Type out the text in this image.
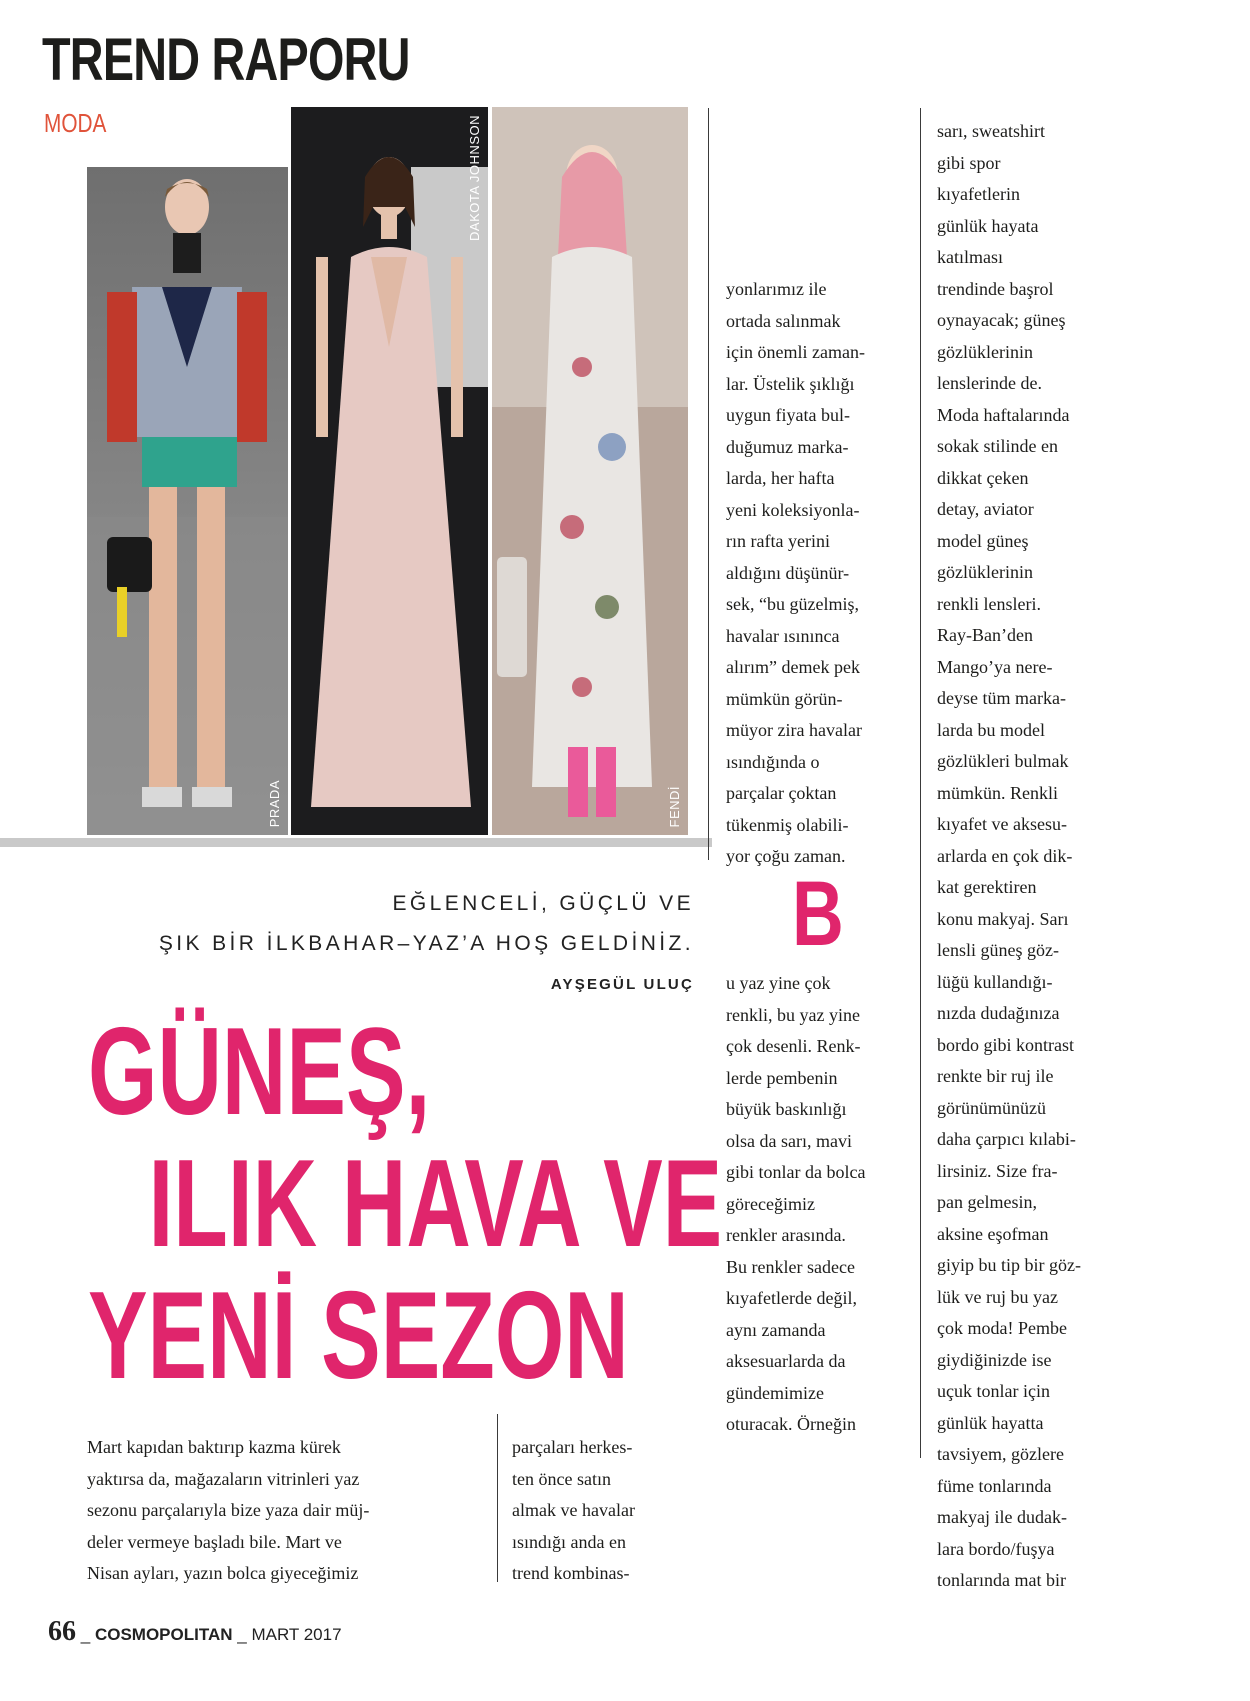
TREND RAPORU
MODA
PRADA
DAKOTA JOHNSON
FENDİ
EĞLENCELİ, GÜÇLÜ VE
ŞIK BİR İLKBAHAR–YAZ’A HOŞ GELDİNİZ.
AYŞEGÜL ULUÇ
GÜNEŞ,
ILIK HAVA VE
YENİ SEZON

Mart kapıdan baktırıp kazma kürek

yaktırsa da, mağazaların vitrinleri yaz

sezonu parçalarıyla bize yaza dair müj-

deler vermeye başladı bile. Mart ve

Nisan ayları, yazın bolca giyeceğimiz

parçaları herkes-

ten önce satın

almak ve havalar

ısındığı anda en

trend kombinas-

yonlarımız ile

ortada salınmak

için önemli zaman-

lar. Üstelik şıklığı

uygun fiyata bul-

duğumuz marka-

larda, her hafta

yeni koleksiyonla-

rın rafta yerini

aldığını düşünür-

sek, “bu güzelmiş,

havalar ısınınca

alırım” demek pek

mümkün görün-

müyor zira havalar

ısındığında o

parçalar çoktan

tükenmiş olabili-

yor çoğu zaman.

B

u yaz yine çok

renkli, bu yaz yine

çok desenli. Renk-

lerde pembenin

büyük baskınlığı

olsa da sarı, mavi

gibi tonlar da bolca

göreceğimiz

renkler arasında.

Bu renkler sadece

kıyafetlerde değil,

aynı zamanda

aksesuarlarda da

gündemimize

oturacak. Örneğin

sarı, sweatshirt

gibi spor

kıyafetlerin

günlük hayata

katılması

trendinde başrol

oynayacak; güneş

gözlüklerinin

lenslerinde de.

Moda haftalarında

sokak stilinde en

dikkat çeken

detay, aviator

model güneş

gözlüklerinin

renkli lensleri.

Ray-Ban’den

Mango’ya nere-

deyse tüm marka-

larda bu model

gözlükleri bulmak

mümkün. Renkli

kıyafet ve aksesu-

arlarda en çok dik-

kat gerektiren

konu makyaj. Sarı

lensli güneş göz-

lüğü kullandığı-

nızda dudağınıza

bordo gibi kontrast

renkte bir ruj ile

görünümünüzü

daha çarpıcı kılabi-

lirsiniz. Size fra-

pan gelmesin,

aksine eşofman

giyip bu tip bir göz-

lük ve ruj bu yaz

çok moda! Pembe

giydiğinizde ise

uçuk tonlar için

günlük hayatta

tavsiyem, gözlere

füme tonlarında

makyaj ile dudak-

lara bordo/fuşya

tonlarında mat bir

66 _ COSMOPOLITAN _ MART 2017
